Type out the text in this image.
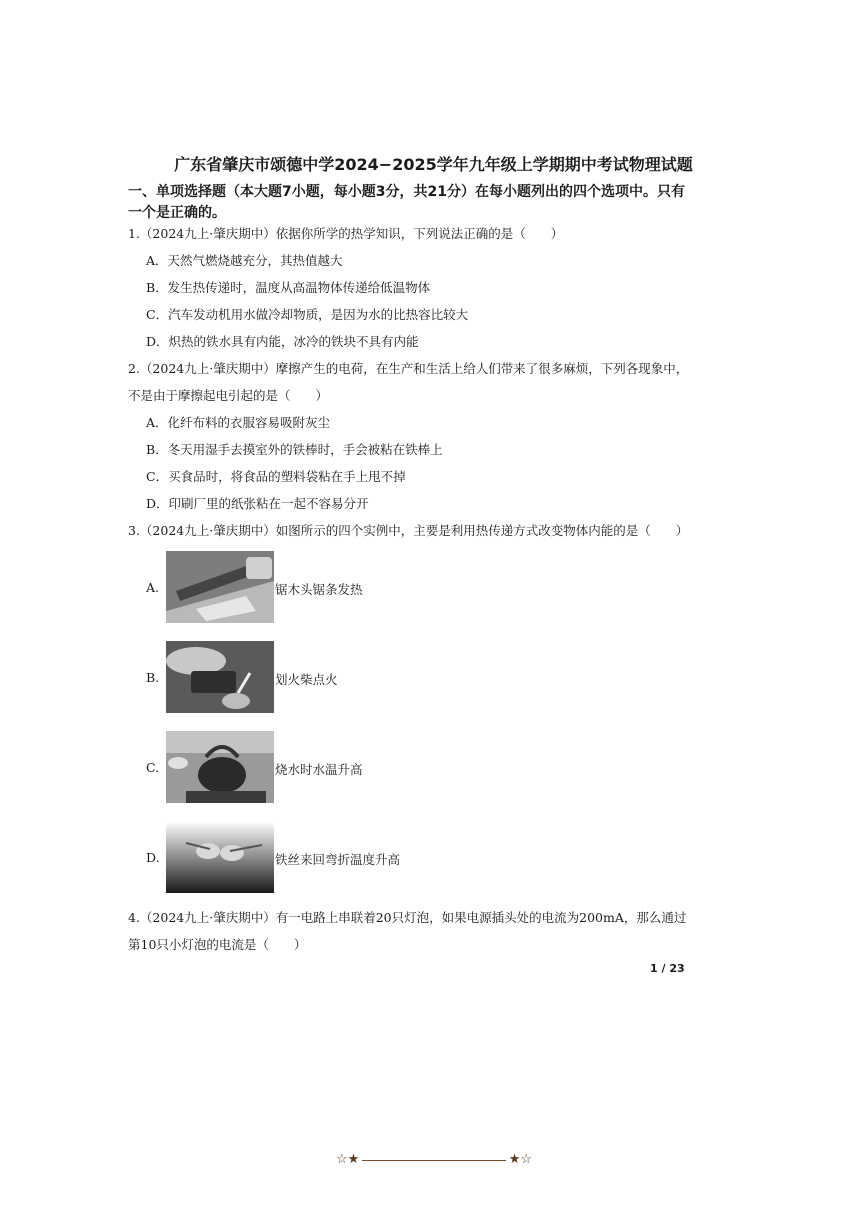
广东省肇庆市颂德中学2024−2025学年九年级上学期期中考试物理试题
一、单项选择题（本大题7小题，每小题3分，共21分）在每小题列出的四个选项中。只有一个是正确的。
1.（2024九上·肇庆期中）依据你所学的热学知识，下列说法正确的是（　　）
A．天然气燃烧越充分，其热值越大
B．发生热传递时，温度从高温物体传递给低温物体
C．汽车发动机用水做冷却物质，是因为水的比热容比较大
D．炽热的铁水具有内能，冰冷的铁块不具有内能
2.（2024九上·肇庆期中）摩擦产生的电荷，在生产和生活上给人们带来了很多麻烦，下列各现象中，
不是由于摩擦起电引起的是（　　）
A．化纤布料的衣服容易吸附灰尘
B．冬天用湿手去摸室外的铁棒时，手会被粘在铁棒上
C．买食品时，将食品的塑料袋粘在手上甩不掉
D．印刷厂里的纸张粘在一起不容易分开
3.（2024九上·肇庆期中）如图所示的四个实例中，主要是利用热传递方式改变物体内能的是（　　）
A.	锯木头锯条发热
B.	划火柴点火
C.	烧水时水温升高
D.	铁丝来回弯折温度升高
4.（2024九上·肇庆期中）有一电路上串联着20只灯泡，如果电源插头处的电流为200mA，那么通过
第10只小灯泡的电流是（　　）
1 / 23
☆★	★☆
